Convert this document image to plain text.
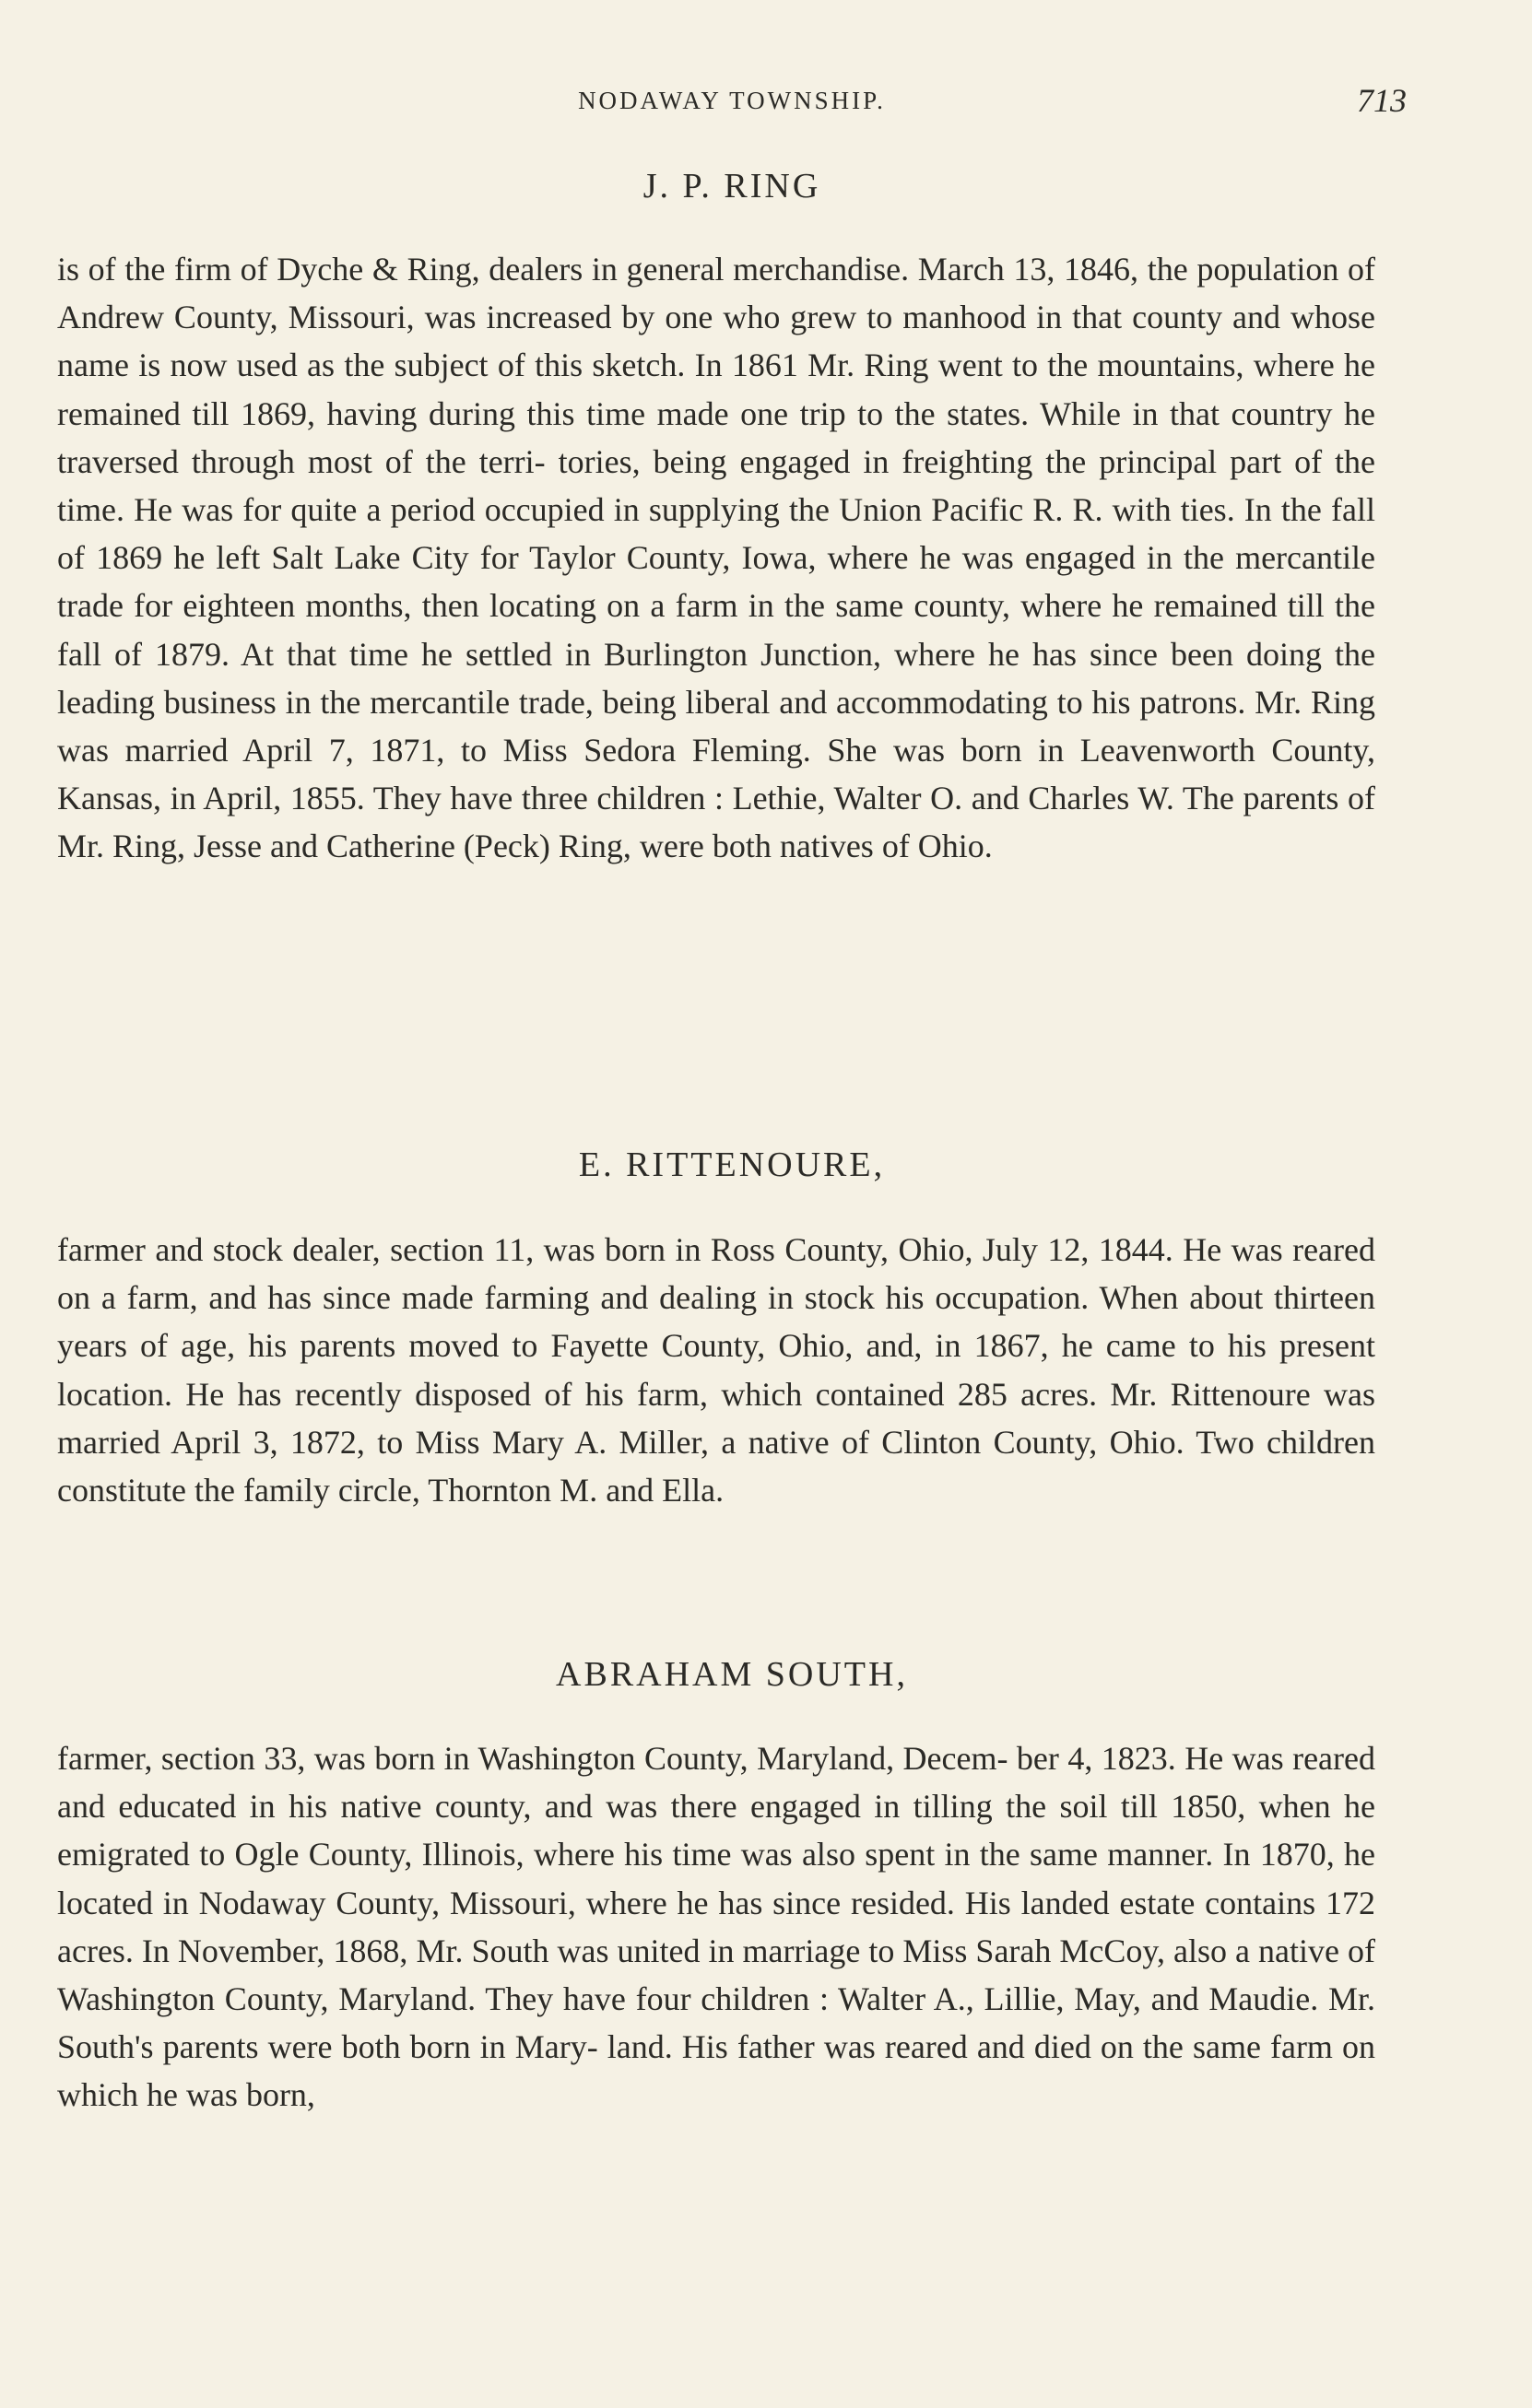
NODAWAY TOWNSHIP.	713
J. P. RING

is of the firm of Dyche & Ring, dealers in general merchandise. March 13, 1846, the population of Andrew County, Missouri, was increased by one who grew to manhood in that county and whose name is now used as the subject of this sketch. In 1861 Mr. Ring went to the mountains, where he remained till 1869, having during this time made one trip to the states. While in that country he traversed through most of the terri- tories, being engaged in freighting the principal part of the time. He was for quite a period occupied in supplying the Union Pacific R. R. with ties. In the fall of 1869 he left Salt Lake City for Taylor County, Iowa, where he was engaged in the mercantile trade for eighteen months, then locating on a farm in the same county, where he remained till the fall of 1879. At that time he settled in Burlington Junction, where he has since been doing the leading business in the mercantile trade, being liberal and accommodating to his patrons. Mr. Ring was married April 7, 1871, to Miss Sedora Fleming. She was born in Leavenworth County, Kansas, in April, 1855. They have three children : Lethie, Walter O. and Charles W. The parents of Mr. Ring, Jesse and Catherine (Peck) Ring, were both natives of Ohio.

E. RITTENOURE,

farmer and stock dealer, section 11, was born in Ross County, Ohio, July 12, 1844. He was reared on a farm, and has since made farming and dealing in stock his occupation. When about thirteen years of age, his parents moved to Fayette County, Ohio, and, in 1867, he came to his present location. He has recently disposed of his farm, which contained 285 acres. Mr. Rittenoure was married April 3, 1872, to Miss Mary A. Miller, a native of Clinton County, Ohio. Two children constitute the family circle, Thornton M. and Ella.

ABRAHAM SOUTH,

farmer, section 33, was born in Washington County, Maryland, Decem- ber 4, 1823. He was reared and educated in his native county, and was there engaged in tilling the soil till 1850, when he emigrated to Ogle County, Illinois, where his time was also spent in the same manner. In 1870, he located in Nodaway County, Missouri, where he has since resided. His landed estate contains 172 acres. In November, 1868, Mr. South was united in marriage to Miss Sarah McCoy, also a native of Washington County, Maryland. They have four children : Walter A., Lillie, May, and Maudie. Mr. South's parents were both born in Mary- land. His father was reared and died on the same farm on which he was born,
